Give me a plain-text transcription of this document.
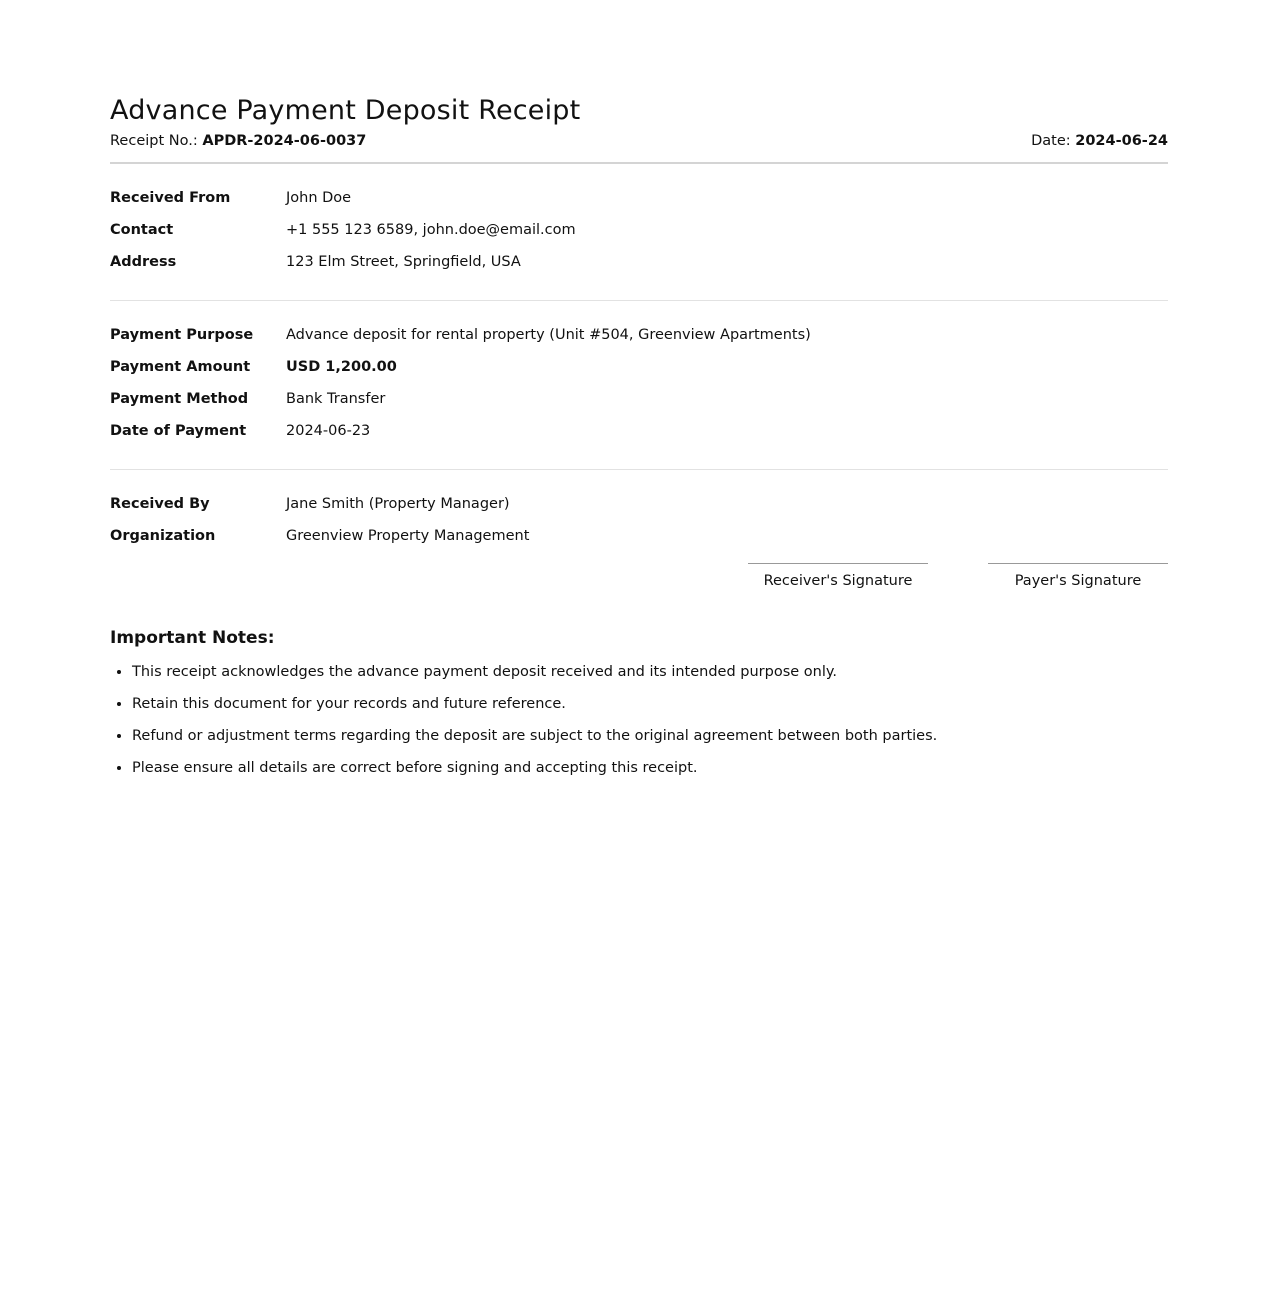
Advance Payment Deposit Receipt
Receipt No.: APDR-2024-06-0037	Date: 2024-06-24
Received From	John Doe
Contact	+1 555 123 6589, john.doe@email.com
Address	123 Elm Street, Springfield, USA
Payment Purpose	Advance deposit for rental property (Unit #504, Greenview Apartments)
Payment Amount	USD 1,200.00
Payment Method	Bank Transfer
Date of Payment	2024-06-23
Received By	Jane Smith (Property Manager)
Organization	Greenview Property Management
Receiver's Signature	Payer's Signature
Important Notes:
• This receipt acknowledges the advance payment deposit received and its intended purpose only.
• Retain this document for your records and future reference.
• Refund or adjustment terms regarding the deposit are subject to the original agreement between both parties.
• Please ensure all details are correct before signing and accepting this receipt.
